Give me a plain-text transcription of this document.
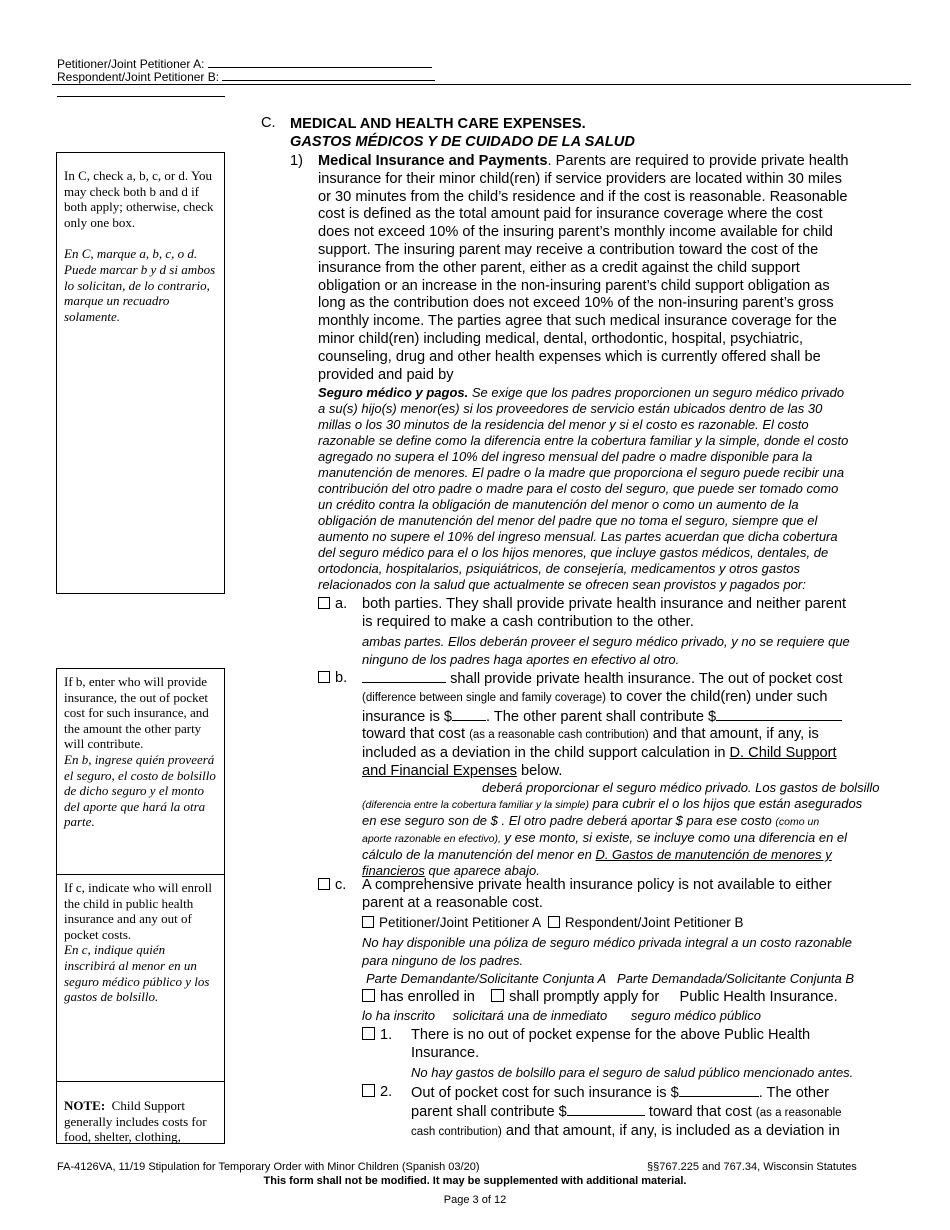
Petitioner/Joint Petitioner A:
Respondent/Joint Petitioner B:

In C, check a, b, c, or d. You may check both b and d if both apply; otherwise, check only one box.

En C, marque a, b, c, o d. Puede marcar b y d si ambos lo solicitan, de lo contrario, marque un recuadro solamente.

If b, enter who will provide insurance, the out of pocket cost for such insurance, and the amount the other party will contribute.

En b, ingrese quién proveerá el seguro, el costo de bolsillo de dicho seguro y el monto del aporte que hará la otra parte.

If c, indicate who will enroll the child in public health insurance and any out of pocket costs.

En c, indique quién inscribirá al menor en un seguro médico público y los gastos de bolsillo.

NOTE: Child Support generally includes costs for food, shelter, clothing,

C. MEDICAL AND HEALTH CARE EXPENSES.
GASTOS MÉDICOS Y DE CUIDADO DE LA SALUD
1) Medical Insurance and Payments. Parents are required to provide private health
insurance for their minor child(ren) if service providers are located within 30 miles
or 30 minutes from the child’s residence and if the cost is reasonable. Reasonable
cost is defined as the total amount paid for insurance coverage where the cost
does not exceed 10% of the insuring parent’s monthly income available for child
support. The insuring parent may receive a contribution toward the cost of the
insurance from the other parent, either as a credit against the child support
obligation or an increase in the non-insuring parent’s child support obligation as
long as the contribution does not exceed 10% of the non-insuring parent’s gross
monthly income. The parties agree that such medical insurance coverage for the
minor child(ren) including medical, dental, orthodontic, hospital, psychiatric,
counseling, drug and other health expenses which is currently offered shall be
provided and paid by
Seguro médico y pagos. Se exige que los padres proporcionen un seguro médico privado
a su(s) hijo(s) menor(es) si los proveedores de servicio están ubicados dentro de las 30
millas o los 30 minutos de la residencia del menor y si el costo es razonable. El costo
razonable se define como la diferencia entre la cobertura familiar y la simple, donde el costo
agregado no supera el 10% del ingreso mensual del padre o madre disponible para la
manutención de menores. El padre o la madre que proporciona el seguro puede recibir una
contribución del otro padre o madre para el costo del seguro, que puede ser tomado como
un crédito contra la obligación de manutención del menor o como un aumento de la
obligación de manutención del menor del padre que no toma el seguro, siempre que el
aumento no supere el 10% del ingreso mensual. Las partes acuerdan que dicha cobertura
del seguro médico para el o los hijos menores, que incluye gastos médicos, dentales, de
ortodoncia, hospitalarios, psiquiátricos, de consejería, medicamentos y otros gastos
relacionados con la salud que actualmente se ofrecen sean provistos y pagados por:
a. both parties. They shall provide private health insurance and neither parent
is required to make a cash contribution to the other.
ambas partes. Ellos deberán proveer el seguro médico privado, y no se requiere que
ninguno de los padres haga aportes en efectivo al otro.
b.	shall provide private health insurance. The out of pocket cost
(difference between single and family coverage) to cover the child(ren) under such
insurance is $ . The other parent shall contribute $
toward that cost (as a reasonable cash contribution) and that amount, if any, is
included as a deviation in the child support calculation in D. Child Support
and Financial Expenses below.
deberá proporcionar el seguro médico privado. Los gastos de bolsillo
(diferencia entre la cobertura familiar y la simple) para cubrir el o los hijos que están asegurados
en ese seguro son de $ . El otro padre deberá aportar $ para ese costo (como un
aporte razonable en efectivo), y ese monto, si existe, se incluye como una diferencia en el
cálculo de la manutención del menor en D. Gastos de manutención de menores y
financieros que aparece abajo.
c. A comprehensive private health insurance policy is not available to either
parent at a reasonable cost.
Petitioner/Joint Petitioner A Respondent/Joint Petitioner B
No hay disponible una póliza de seguro médico privada integral a un costo razonable
para ninguno de los padres.
Parte Demandante/Solicitante Conjunta A Parte Demandada/Solicitante Conjunta B
has enrolled in shall promptly apply for Public Health Insurance.
lo ha inscrito solicitará una de inmediato seguro médico público
1. There is no out of pocket expense for the above Public Health
Insurance.
No hay gastos de bolsillo para el seguro de salud público mencionado antes.
2. Out of pocket cost for such insurance is $	. The other
parent shall contribute $	toward that cost (as a reasonable
cash contribution) and that amount, if any, is included as a deviation in
FA-4126VA, 11/19 Stipulation for Temporary Order with Minor Children (Spanish 03/20)	§§767.225 and 767.34, Wisconsin Statutes
This form shall not be modified. It may be supplemented with additional material.
Page 3 of 12
